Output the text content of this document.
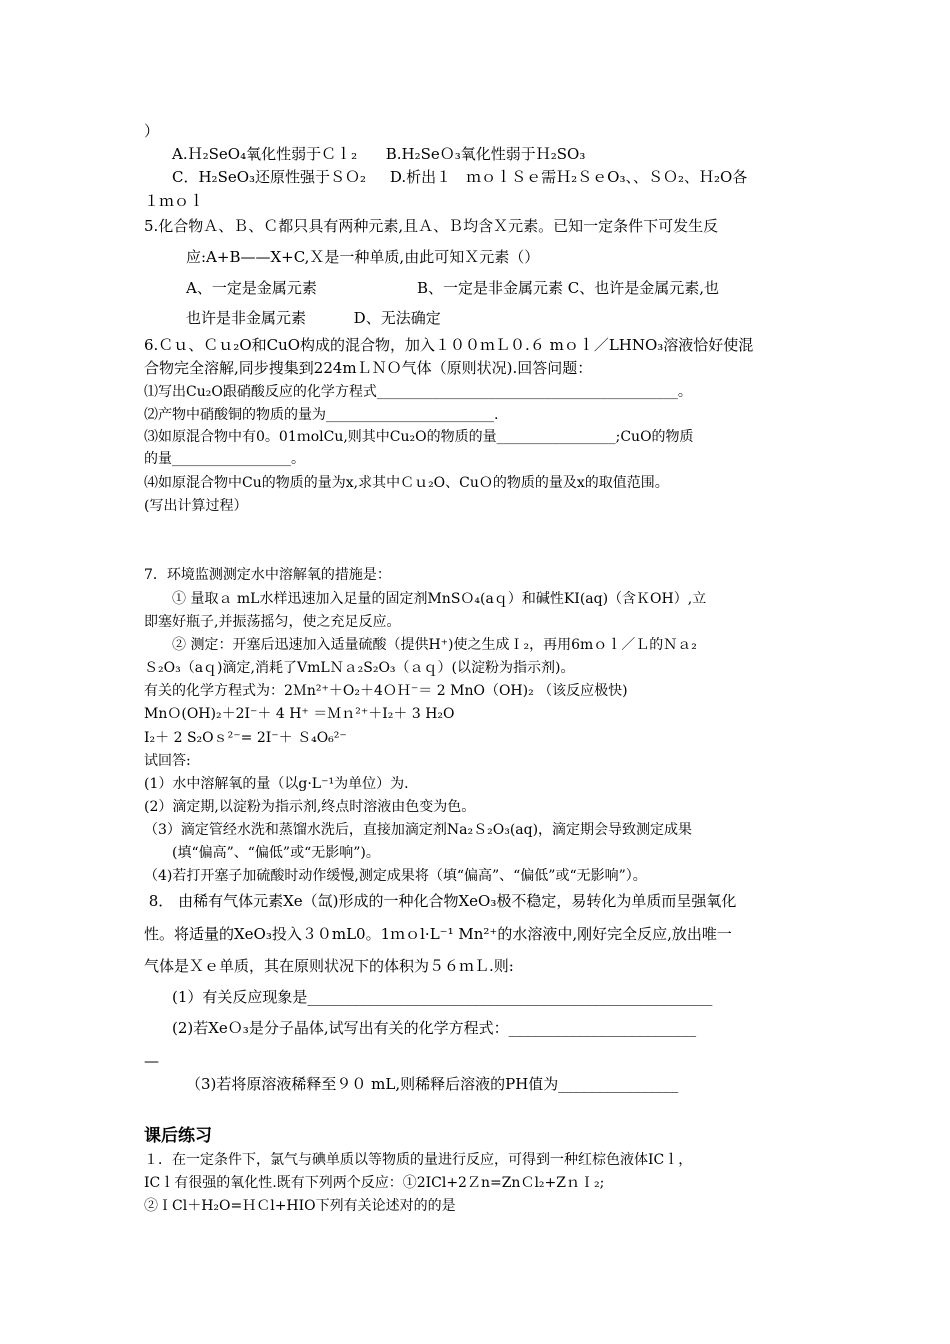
）
A.Ｈ₂SeO₄氧化性弱于Ｃｌ₂      B.H₂SeＯ₃氧化性弱于Ｈ₂SO₃
C．H₂SeO₃还原性强于ＳＯ₂     D.析出１　ｍｏｌＳｅ需Ｈ₂ＳｅO₃、、ＳＯ₂、Ｈ₂O各
１ｍｏｌ
5.化合物Ａ、Ｂ、Ｃ都只具有两种元素,且Ａ、Ｂ均含Ｘ元素。已知一定条件下可发生反
应:A+B——X+C,Ｘ是一种单质,由此可知Ｘ元素（）
A、一定是金属元素                     B、一定是非金属元素 C、也许是金属元素,也
也许是非金属元素          D、无法确定
6.Ｃｕ、Ｃｕ₂O和CuO构成的混合物，加入１００ｍＬ０.６ mｏｌ／LHNO₃溶液恰好使混
合物完全溶解,同步搜集到224mＬＮＯ气体（原则状况).回答问题：
⑴写出Cu₂O跟硝酸反应的化学方程式___________________________________________。
⑵产物中硝酸铜的物质的量为________________________.
⑶如原混合物中有0。01ｍolCu,则其中Cu₂O的物质的量_________________;CuO的物质
的量_________________。
⑷如原混合物中Cu的物质的量为x,求其中Ｃｕ₂O、CuＯ的物质的量及x的取值范围。
(写出计算过程）
7．环境监测测定水中溶解氧的措施是：
① 量取ａ mL水样迅速加入足量的固定剂MnSＯ₄(aｑ）和碱性KI(aq)（含ＫOH）,立
即塞好瓶子,并振荡摇匀，使之充足反应。
② 测定：开塞后迅速加入适量硫酸（提供H⁺)使之生成Ｉ₂，再用6mｏｌ／Ｌ的Ｎａ₂
Ｓ₂O₃（aｑ)滴定,消耗了VmLＮａ₂S₂O₃（ａｑ）(以淀粉为指示剂)。
有关的化学方程式为：2Ｍn²⁺＋O₂＋4ＯＨ⁻＝ 2 MnO（OH)₂ （该反应极快)
MnＯ(OH)₂＋2I⁻＋ 4 H⁺ ＝Ｍｎ²⁺＋I₂＋ 3 H₂O
I₂＋ 2 S₂Oｓ²⁻= 2I⁻＋ Ｓ₄O₆²⁻
试回答:
(1）水中溶解氧的量（以g·L⁻¹为单位）为.
(2）滴定期,以淀粉为指示剂,终点时溶液由色变为色。
（3）滴定管经水洗和蒸馏水洗后，直接加滴定剂Na₂Ｓ₂O₃(aq)，滴定期会导致测定成果
(填“偏高”、“偏低”或“无影响”)。
（4)若打开塞子加硫酸时动作缓慢,测定成果将（填“偏高”、“偏低”或“无影响”）。
8． 由稀有气体元素Xe（氙)形成的一种化合物XeO₃极不稳定，易转化为单质而呈强氧化
性。将适量的XeO₃投入３０mL0。1ｍｏl·L⁻¹ Mn²⁺的水溶液中,刚好完全反应,放出唯一
气体是Ｘｅ单质，其在原则状况下的体积为５６ｍＬ.则:
(1）有关反应现象是______________________________________________________
(2)若XeＯ₃是分子晶体,试写出有关的化学方程式：_________________________
—
（3)若将原溶液稀释至９０ mL,则稀释后溶液的PH值为________________
课后练习
１．在一定条件下，氯气与碘单质以等物质的量进行反应，可得到一种红棕色液体ICｌ，
ICｌ有很强的氧化性.既有下列两个反应：①2ICl+2Ｚn=ZnＣl₂+ZｎＩ₂;
②ＩCl＋H₂O=ＨＣl+HIO下列有关论述对的的是
